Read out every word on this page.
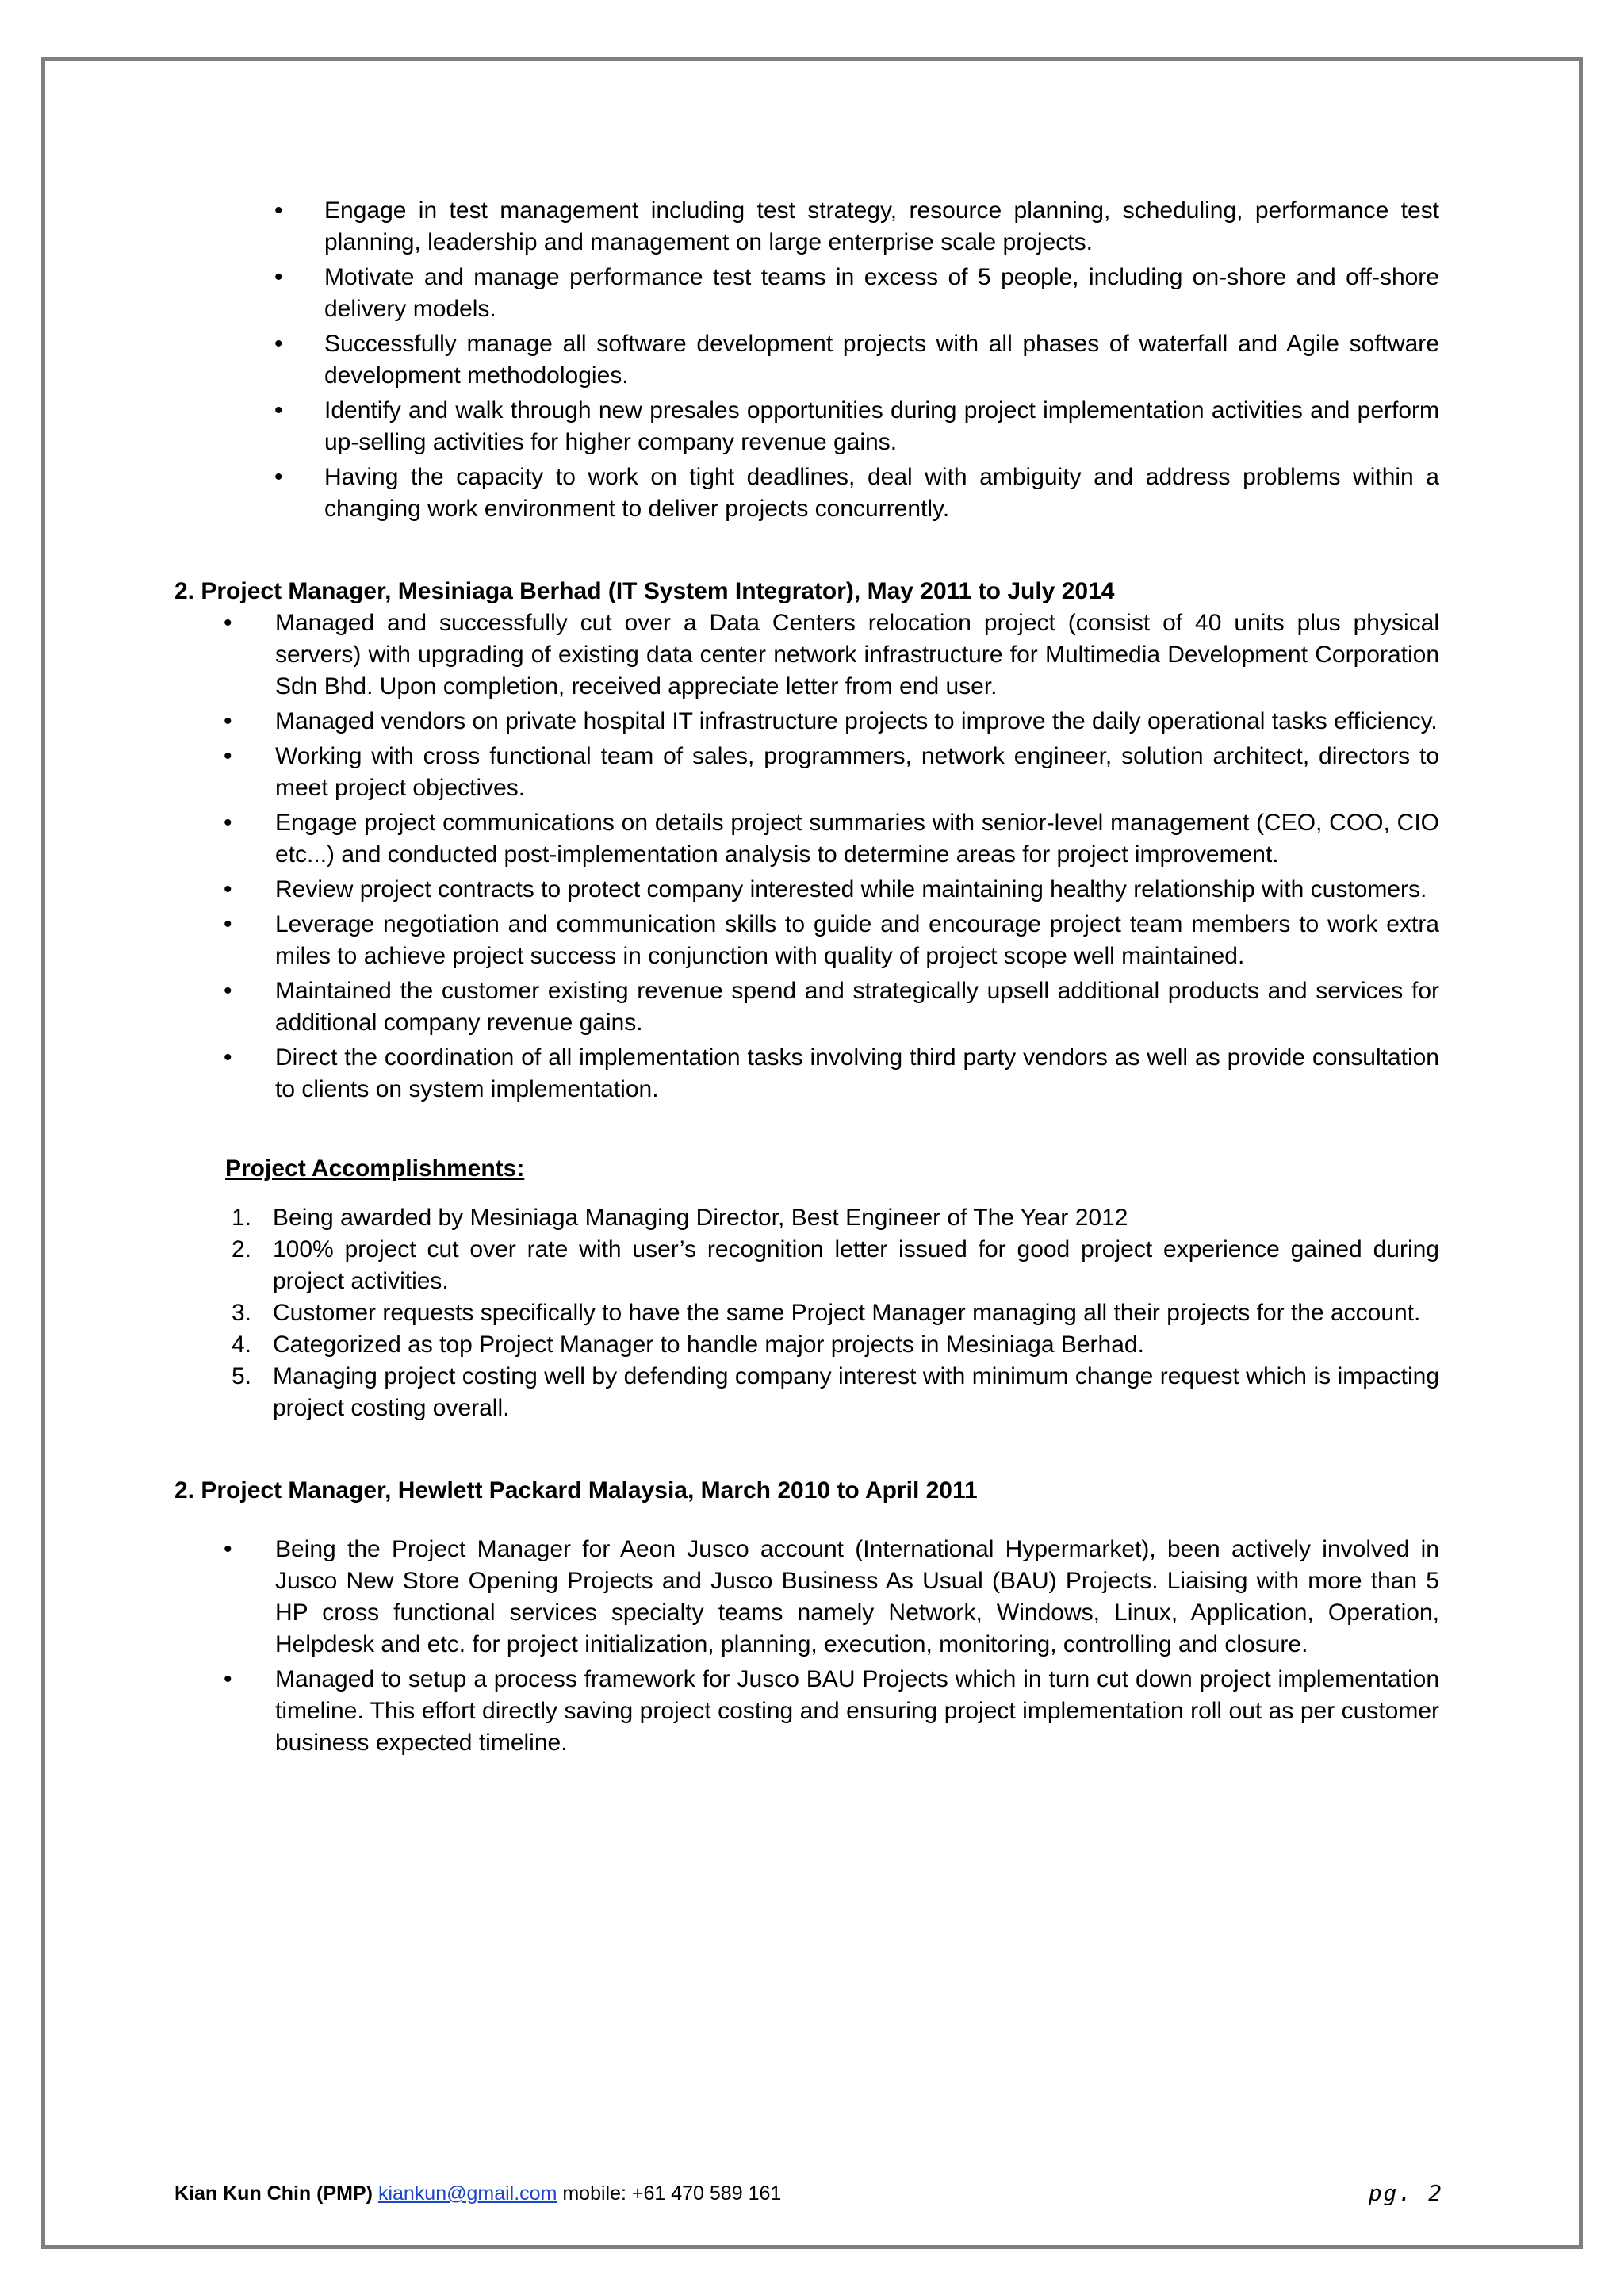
•	Engage in test management including test strategy, resource planning, scheduling, performance test planning, leadership and management on large enterprise scale projects.
•	Motivate and manage performance test teams in excess of 5 people, including on-shore and off-shore delivery models.
•	Successfully manage all software development projects with all phases of waterfall and Agile software development methodologies.
•	Identify and walk through new presales opportunities during project implementation activities and perform up-selling activities for higher company revenue gains.
•	Having the capacity to work on tight deadlines, deal with ambiguity and address problems within a changing work environment to deliver projects concurrently.
2. Project Manager, Mesiniaga Berhad (IT System Integrator), May 2011 to July 2014
•	Managed and successfully cut over a Data Centers relocation project (consist of 40 units plus physical servers) with upgrading of existing data center network infrastructure for Multimedia Development Corporation Sdn Bhd. Upon completion, received appreciate letter from end user.
•	Managed vendors on private hospital IT infrastructure projects to improve the daily operational tasks efficiency.
•	Working with cross functional team of sales, programmers, network engineer, solution architect, directors to meet project objectives.
•	Engage project communications on details project summaries with senior-level management (CEO, COO, CIO etc...) and conducted post-implementation analysis to determine areas for project improvement.
•	Review project contracts to protect company interested while maintaining healthy relationship with customers.
•	Leverage negotiation and communication skills to guide and encourage project team members to work extra miles to achieve project success in conjunction with quality of project scope well maintained.
•	Maintained the customer existing revenue spend and strategically upsell additional products and services for additional company revenue gains.
•	Direct the coordination of all implementation tasks involving third party vendors as well as provide consultation to clients on system implementation.
Project Accomplishments:
1. Being awarded by Mesiniaga Managing Director, Best Engineer of The Year 2012
2. 100% project cut over rate with user’s recognition letter issued for good project experience gained during project activities.
3. Customer requests specifically to have the same Project Manager managing all their projects for the account.
4. Categorized as top Project Manager to handle major projects in Mesiniaga Berhad.
5. Managing project costing well by defending company interest with minimum change request which is impacting project costing overall.
2. Project Manager, Hewlett Packard Malaysia, March 2010 to April 2011
•	Being the Project Manager for Aeon Jusco account (International Hypermarket), been actively involved in Jusco New Store Opening Projects and Jusco Business As Usual (BAU) Projects. Liaising with more than 5 HP cross functional services specialty teams namely Network, Windows, Linux, Application, Operation, Helpdesk and etc. for project initialization, planning, execution, monitoring, controlling and closure.
•	Managed to setup a process framework for Jusco BAU Projects which in turn cut down project implementation timeline. This effort directly saving project costing and ensuring project implementation roll out as per customer business expected timeline.
Kian Kun Chin (PMP) kiankun@gmail.com mobile: +61 470 589 161	pg. 2
